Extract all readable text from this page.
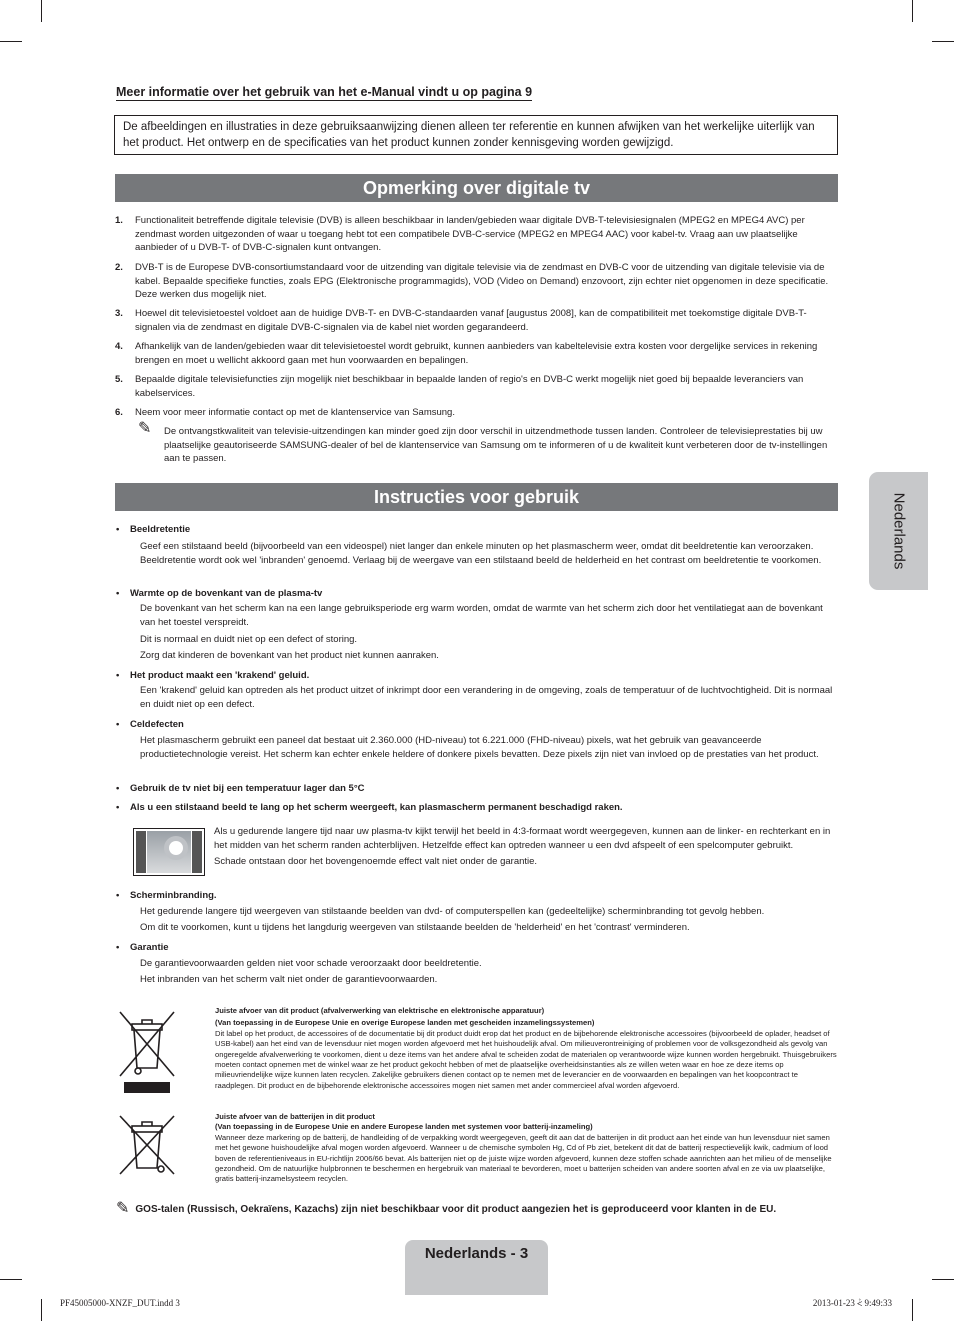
Meer informatie over het gebruik van het e-Manual vindt u op pagina 9
De afbeeldingen en illustraties in deze gebruiksaanwijzing dienen alleen ter referentie en kunnen afwijken van het werkelijke uiterlijk van het product. Het ontwerp en de specificaties van het product kunnen zonder kennisgeving worden gewijzigd.
Opmerking over digitale tv
1. Functionaliteit betreffende digitale televisie (DVB) is alleen beschikbaar in landen/gebieden waar digitale DVB-T-televisiesignalen (MPEG2 en MPEG4 AVC) per zendmast worden uitgezonden of waar u toegang hebt tot een compatibele DVB-C-service (MPEG2 en MPEG4 AAC) voor kabel-tv. Vraag aan uw plaatselijke aanbieder of u DVB-T- of DVB-C-signalen kunt ontvangen.
2. DVB-T is de Europese DVB-consortiumstandaard voor de uitzending van digitale televisie via de zendmast en DVB-C voor de uitzending van digitale televisie via de kabel. Bepaalde specifieke functies, zoals EPG (Elektronische programmagids), VOD (Video on Demand) enzovoort, zijn echter niet opgenomen in deze specificatie. Deze werken dus mogelijk niet.
3. Hoewel dit televisietoestel voldoet aan de huidige DVB-T- en DVB-C-standaarden vanaf [augustus 2008], kan de compatibiliteit met toekomstige digitale DVB-T-signalen via de zendmast en digitale DVB-C-signalen via de kabel niet worden gegarandeerd.
4. Afhankelijk van de landen/gebieden waar dit televisietoestel wordt gebruikt, kunnen aanbieders van kabeltelevisie extra kosten voor dergelijke services in rekening brengen en moet u wellicht akkoord gaan met hun voorwaarden en bepalingen.
5. Bepaalde digitale televisiefuncties zijn mogelijk niet beschikbaar in bepaalde landen of regio's en DVB-C werkt mogelijk niet goed bij bepaalde leveranciers van kabelservices.
6. Neem voor meer informatie contact op met de klantenservice van Samsung.
✎ De ontvangstkwaliteit van televisie-uitzendingen kan minder goed zijn door verschil in uitzendmethode tussen landen. Controleer de televisieprestaties bij uw plaatselijke geautoriseerde SAMSUNG-dealer of bel de klantenservice van Samsung om te informeren of u de kwaliteit kunt verbeteren door de tv-instellingen aan te passen.
Instructies voor gebruik
• Beeldretentie
Geef een stilstaand beeld (bijvoorbeeld van een videospel) niet langer dan enkele minuten op het plasmascherm weer, omdat dit beeldretentie kan veroorzaken. Beeldretentie wordt ook wel 'inbranden' genoemd. Verlaag bij de weergave van een stilstaand beeld de helderheid en het contrast om beeldretentie te voorkomen.
• Warmte op de bovenkant van de plasma-tv
De bovenkant van het scherm kan na een lange gebruiksperiode erg warm worden, omdat de warmte van het scherm zich door het ventilatiegat aan de bovenkant van het toestel verspreidt.
Dit is normaal en duidt niet op een defect of storing.
Zorg dat kinderen de bovenkant van het product niet kunnen aanraken.
• Het product maakt een 'krakend' geluid.
Een 'krakend' geluid kan optreden als het product uitzet of inkrimpt door een verandering in de omgeving, zoals de temperatuur of de luchtvochtigheid. Dit is normaal en duidt niet op een defect.
• Celdefecten
Het plasmascherm gebruikt een paneel dat bestaat uit 2.360.000 (HD-niveau) tot 6.221.000 (FHD-niveau) pixels, wat het gebruik van geavanceerde productietechnologie vereist. Het scherm kan echter enkele heldere of donkere pixels bevatten. Deze pixels zijn niet van invloed op de prestaties van het product.
• Gebruik de tv niet bij een temperatuur lager dan 5°C
• Als u een stilstaand beeld te lang op het scherm weergeeft, kan plasmascherm permanent beschadigd raken.
Als u gedurende langere tijd naar uw plasma-tv kijkt terwijl het beeld in 4:3-formaat wordt weergegeven, kunnen aan de linker- en rechterkant en in het midden van het scherm randen achterblijven. Hetzelfde effect kan optreden wanneer u een dvd afspeelt of een spelcomputer gebruikt.
Schade ontstaan door het bovengenoemde effect valt niet onder de garantie.
• Scherminbranding.
Het gedurende langere tijd weergeven van stilstaande beelden van dvd- of computerspellen kan (gedeeltelijke) scherminbranding tot gevolg hebben.
Om dit te voorkomen, kunt u tijdens het langdurig weergeven van stilstaande beelden de 'helderheid' en het 'contrast' verminderen.
• Garantie
De garantievoorwaarden gelden niet voor schade veroorzaakt door beeldretentie.
Het inbranden van het scherm valt niet onder de garantievoorwaarden.
Juiste afvoer van dit product (afvalverwerking van elektrische en elektronische apparatuur)
(Van toepassing in de Europese Unie en overige Europese landen met gescheiden inzamelingssystemen)
Dit label op het product, de accessoires of de documentatie bij dit product duidt erop dat het product en de bijbehorende elektronische accessoires (bijvoorbeeld de oplader, headset of USB-kabel) aan het eind van de levensduur niet mogen worden afgevoerd met het huishoudelijk afval. Om milieuverontreiniging of problemen voor de volksgezondheid als gevolg van ongeregelde afvalverwerking te voorkomen, dient u deze items van het andere afval te scheiden zodat de materialen op verantwoorde wijze kunnen worden hergebruikt. Thuisgebruikers moeten contact opnemen met de winkel waar ze het product gekocht hebben of met de plaatselijke overheidsinstanties als ze willen weten waar en hoe ze deze items op milieuvriendelijke wijze kunnen laten recyclen. Zakelijke gebruikers dienen contact op te nemen met de leverancier en de voorwaarden en bepalingen van het koopcontract te raadplegen. Dit product en de bijbehorende elektronische accessoires mogen niet samen met ander commercieel afval worden afgevoerd.
Juiste afvoer van de batterijen in dit product
(Van toepassing in de Europese Unie en andere Europese landen met systemen voor batterij-inzameling)
Wanneer deze markering op de batterij, de handleiding of de verpakking wordt weergegeven, geeft dit aan dat de batterijen in dit product aan het einde van hun levensduur niet samen met het gewone huishoudelijke afval mogen worden afgevoerd. Wanneer u de chemische symbolen Hg, Cd of Pb ziet, betekent dit dat de batterij respectievelijk kwik, cadmium of lood boven de referentieniveaus in EU-richtlijn 2006/66 bevat. Als batterijen niet op de juiste wijze worden afgevoerd, kunnen deze stoffen schade aanrichten aan het milieu of de menselijke gezondheid. Om de natuurlijke hulpbronnen te beschermen en hergebruik van materiaal te bevorderen, moet u batterijen scheiden van andere soorten afval en ze via uw plaatselijke, gratis batterij-inzamelsysteem recyclen.
✎ GOS-talen (Russisch, Oekraïens, Kazachs) zijn niet beschikbaar voor dit product aangezien het is geproduceerd voor klanten in de EU.
Nederlands
Nederlands - 3
PF45005000-XNZF_DUT.indd 3	2013-01-23 ⩻ 9:49:33
